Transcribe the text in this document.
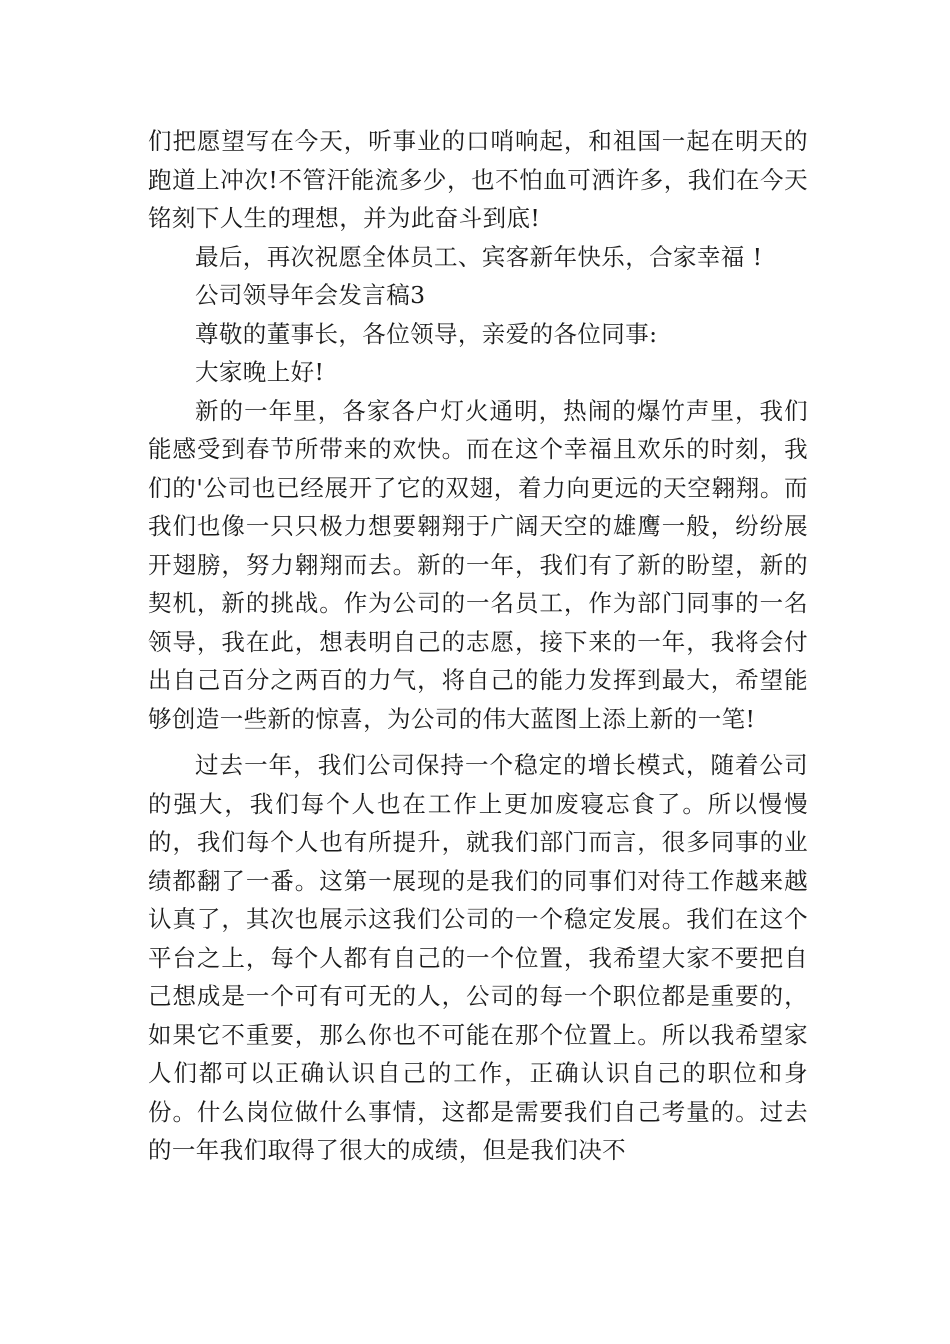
们把愿望写在今天，听事业的口哨响起，和祖国一起在明天的跑道上冲次!不管汗能流多少，也不怕血可洒许多，我们在今天铭刻下人生的理想，并为此奋斗到底!

最后，再次祝愿全体员工、宾客新年快乐，合家幸福 !

公司领导年会发言稿3

尊敬的董事长，各位领导，亲爱的各位同事:

大家晚上好!

新的一年里，各家各户灯火通明，热闹的爆竹声里，我们能感受到春节所带来的欢快。而在这个幸福且欢乐的时刻，我们的'公司也已经展开了它的双翅，着力向更远的天空翱翔。而我们也像一只只极力想要翱翔于广阔天空的雄鹰一般，纷纷展开翅膀，努力翱翔而去。新的一年，我们有了新的盼望，新的契机，新的挑战。作为公司的一名员工，作为部门同事的一名领导，我在此，想表明自己的志愿，接下来的一年，我将会付出自己百分之两百的力气，将自己的能力发挥到最大，希望能够创造一些新的惊喜，为公司的伟大蓝图上添上新的一笔!

过去一年，我们公司保持一个稳定的增长模式，随着公司的强大，我们每个人也在工作上更加废寝忘食了。所以慢慢的，我们每个人也有所提升，就我们部门而言，很多同事的业绩都翻了一番。这第一展现的是我们的同事们对待工作越来越认真了，其次也展示这我们公司的一个稳定发展。我们在这个平台之上，每个人都有自己的一个位置，我希望大家不要把自己想成是一个可有可无的人，公司的每一个职位都是重要的，如果它不重要，那么你也不可能在那个位置上。所以我希望家人们都可以正确认识自己的工作，正确认识自己的职位和身份。什么岗位做什么事情，这都是需要我们自己考量的。过去的一年我们取得了很大的成绩，但是我们决不
